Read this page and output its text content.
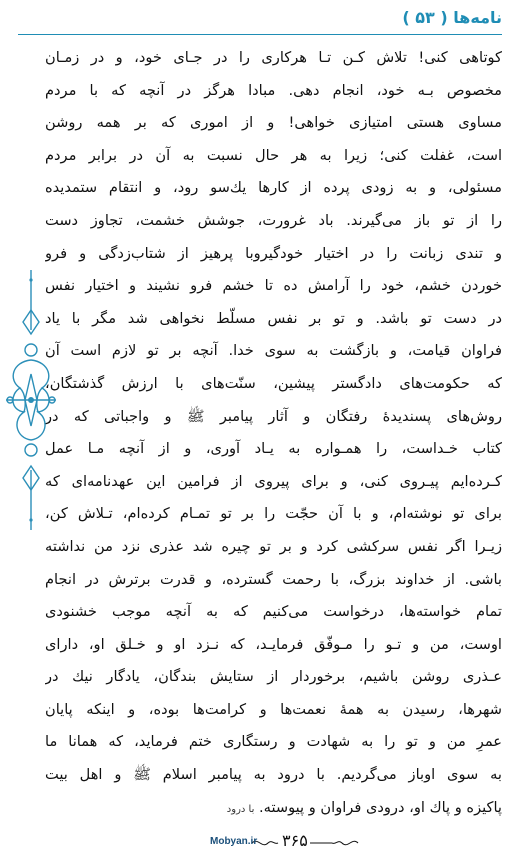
نامه‌ها ( ۵۳ )
کوتاهی کنی! تلاش کـن تـا هرکاری را در جـای خود، و در زمـان
مخصوص بـه خود، انجام دهی. مبادا هرگز در آنچه که با مردم
مساوی هستی امتیازی خواهی! و از اموری که بر همه روشن
است، غفلت کنی؛ زیرا به هر حال نسبت به آن در برابر مردم
مسئولی، و به زودی پرده از کارها یك‌سو رود، و انتقام ستمدیده
را از تو باز می‌گیرند. باد غرورت، جوشش خشمت، تجاوز دست
و تندی زبانت را در اختیار خودگیروبا پرهیز از شتاب‌زدگی و فرو
خوردن خشم، خود را آرامش ده تا خشم فرو نشیند و اختیار نفس
در دست تو باشد. و تو بر نفس مسلّط نخواهی شد مگر با یاد
فراوان قیامت، و بازگشت به سوی خدا. آنچه بر تو لازم است آن
که حکومت‌های دادگستر پیشین، سنّت‌های با ارزش گذشتگان،
روش‌های پسندیدهٔ رفتگان و آثار پیامبر ﷺ و واجباتی که در
کتاب خـداست، را همـواره به یـاد آوری، و از آنچه مـا عمل
کـرده‌ایم پیـروی کنی، و برای پیروی از فرامین این عهدنامه‌ای که
برای تو نوشته‌ام، و با آن حجّت را بر تو تمـام کرده‌ام، تـلاش کن،
زیـرا اگر نفس سرکشی کرد و بر تو چیره شد عذری نزد من نداشته
باشی. از خداوند بزرگ، با رحمت گسترده، و قدرت برترش در انجام
تمام خواسته‌ها، درخواست می‌کنیم که به آنچه موجب خشنودی
اوست، من و تـو را مـوفّق فرمایـد، که نـزد او و خـلق او، دارای
عـذری روشن باشیم، برخوردار از ستایش بندگان، یادگار نیك در
شهرها، رسیدن به همهٔ نعمت‌ها و کرامت‌ها بوده، و اینکه پایان
عمرِ من و تو را به شهادت و رستگاری ختم فرماید، که همانا ما
به سوی اوباز می‌گردیم. با درود به پیامبر اسلام ﷺ و اهل بیت
پاکیزه و پاك او، درودی فراوان و پیوسته. با درود
Mobyan.ir ۳۶۵
